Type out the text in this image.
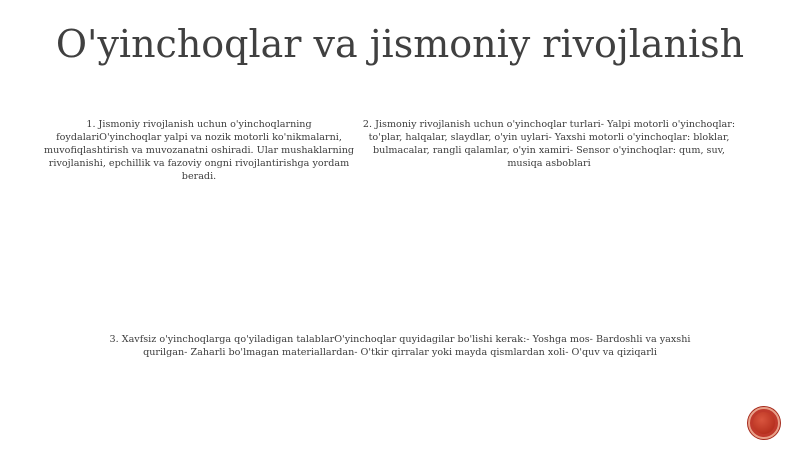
O'yinchoqlar va jismoniy rivojlanish
1. Jismoniy rivojlanish uchun o'yinchoqlarning foydalariO'yinchoqlar yalpi va nozik motorli ko'nikmalarni, muvofiqlashtirish va muvozanatni oshiradi. Ular mushaklarning rivojlanishi, epchillik va fazoviy ongni rivojlantirishga yordam beradi.
2. Jismoniy rivojlanish uchun o'yinchoqlar turlari- Yalpi motorli o'yinchoqlar: to'plar, halqalar, slaydlar, o'yin uylari- Yaxshi motorli o'yinchoqlar: bloklar, bulmacalar, rangli qalamlar, o'yin xamiri- Sensor o'yinchoqlar: qum, suv, musiqa asboblari
3. Xavfsiz o'yinchoqlarga qo'yiladigan talablarO'yinchoqlar quyidagilar bo'lishi kerak:- Yoshga mos- Bardoshli va yaxshi qurilgan- Zaharli bo'lmagan materiallardan- O'tkir qirralar yoki mayda qismlardan xoli- O'quv va qiziqarli
